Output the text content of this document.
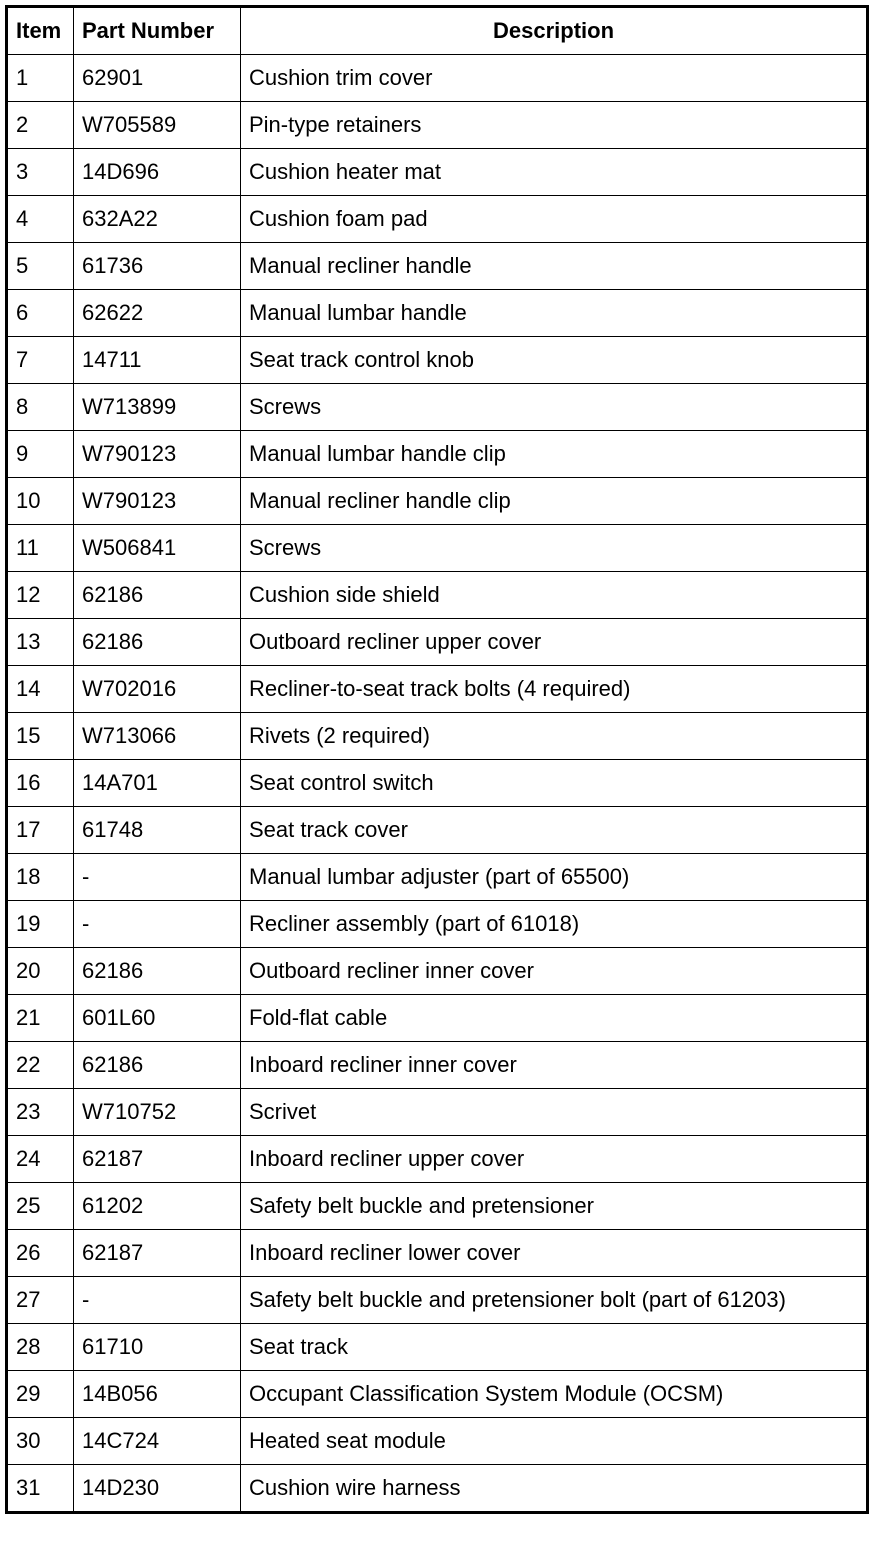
Item	Part Number	Description
1	62901	Cushion trim cover
2	W705589	Pin-type retainers
3	14D696	Cushion heater mat
4	632A22	Cushion foam pad
5	61736	Manual recliner handle
6	62622	Manual lumbar handle
7	14711	Seat track control knob
8	W713899	Screws
9	W790123	Manual lumbar handle clip
10	W790123	Manual recliner handle clip
11	W506841	Screws
12	62186	Cushion side shield
13	62186	Outboard recliner upper cover
14	W702016	Recliner-to-seat track bolts (4 required)
15	W713066	Rivets (2 required)
16	14A701	Seat control switch
17	61748	Seat track cover
18	-	Manual lumbar adjuster (part of 65500)
19	-	Recliner assembly (part of 61018)
20	62186	Outboard recliner inner cover
21	601L60	Fold-flat cable
22	62186	Inboard recliner inner cover
23	W710752	Scrivet
24	62187	Inboard recliner upper cover
25	61202	Safety belt buckle and pretensioner
26	62187	Inboard recliner lower cover
27	-	Safety belt buckle and pretensioner bolt (part of 61203)
28	61710	Seat track
29	14B056	Occupant Classification System Module (OCSM)
30	14C724	Heated seat module
31	14D230	Cushion wire harness
